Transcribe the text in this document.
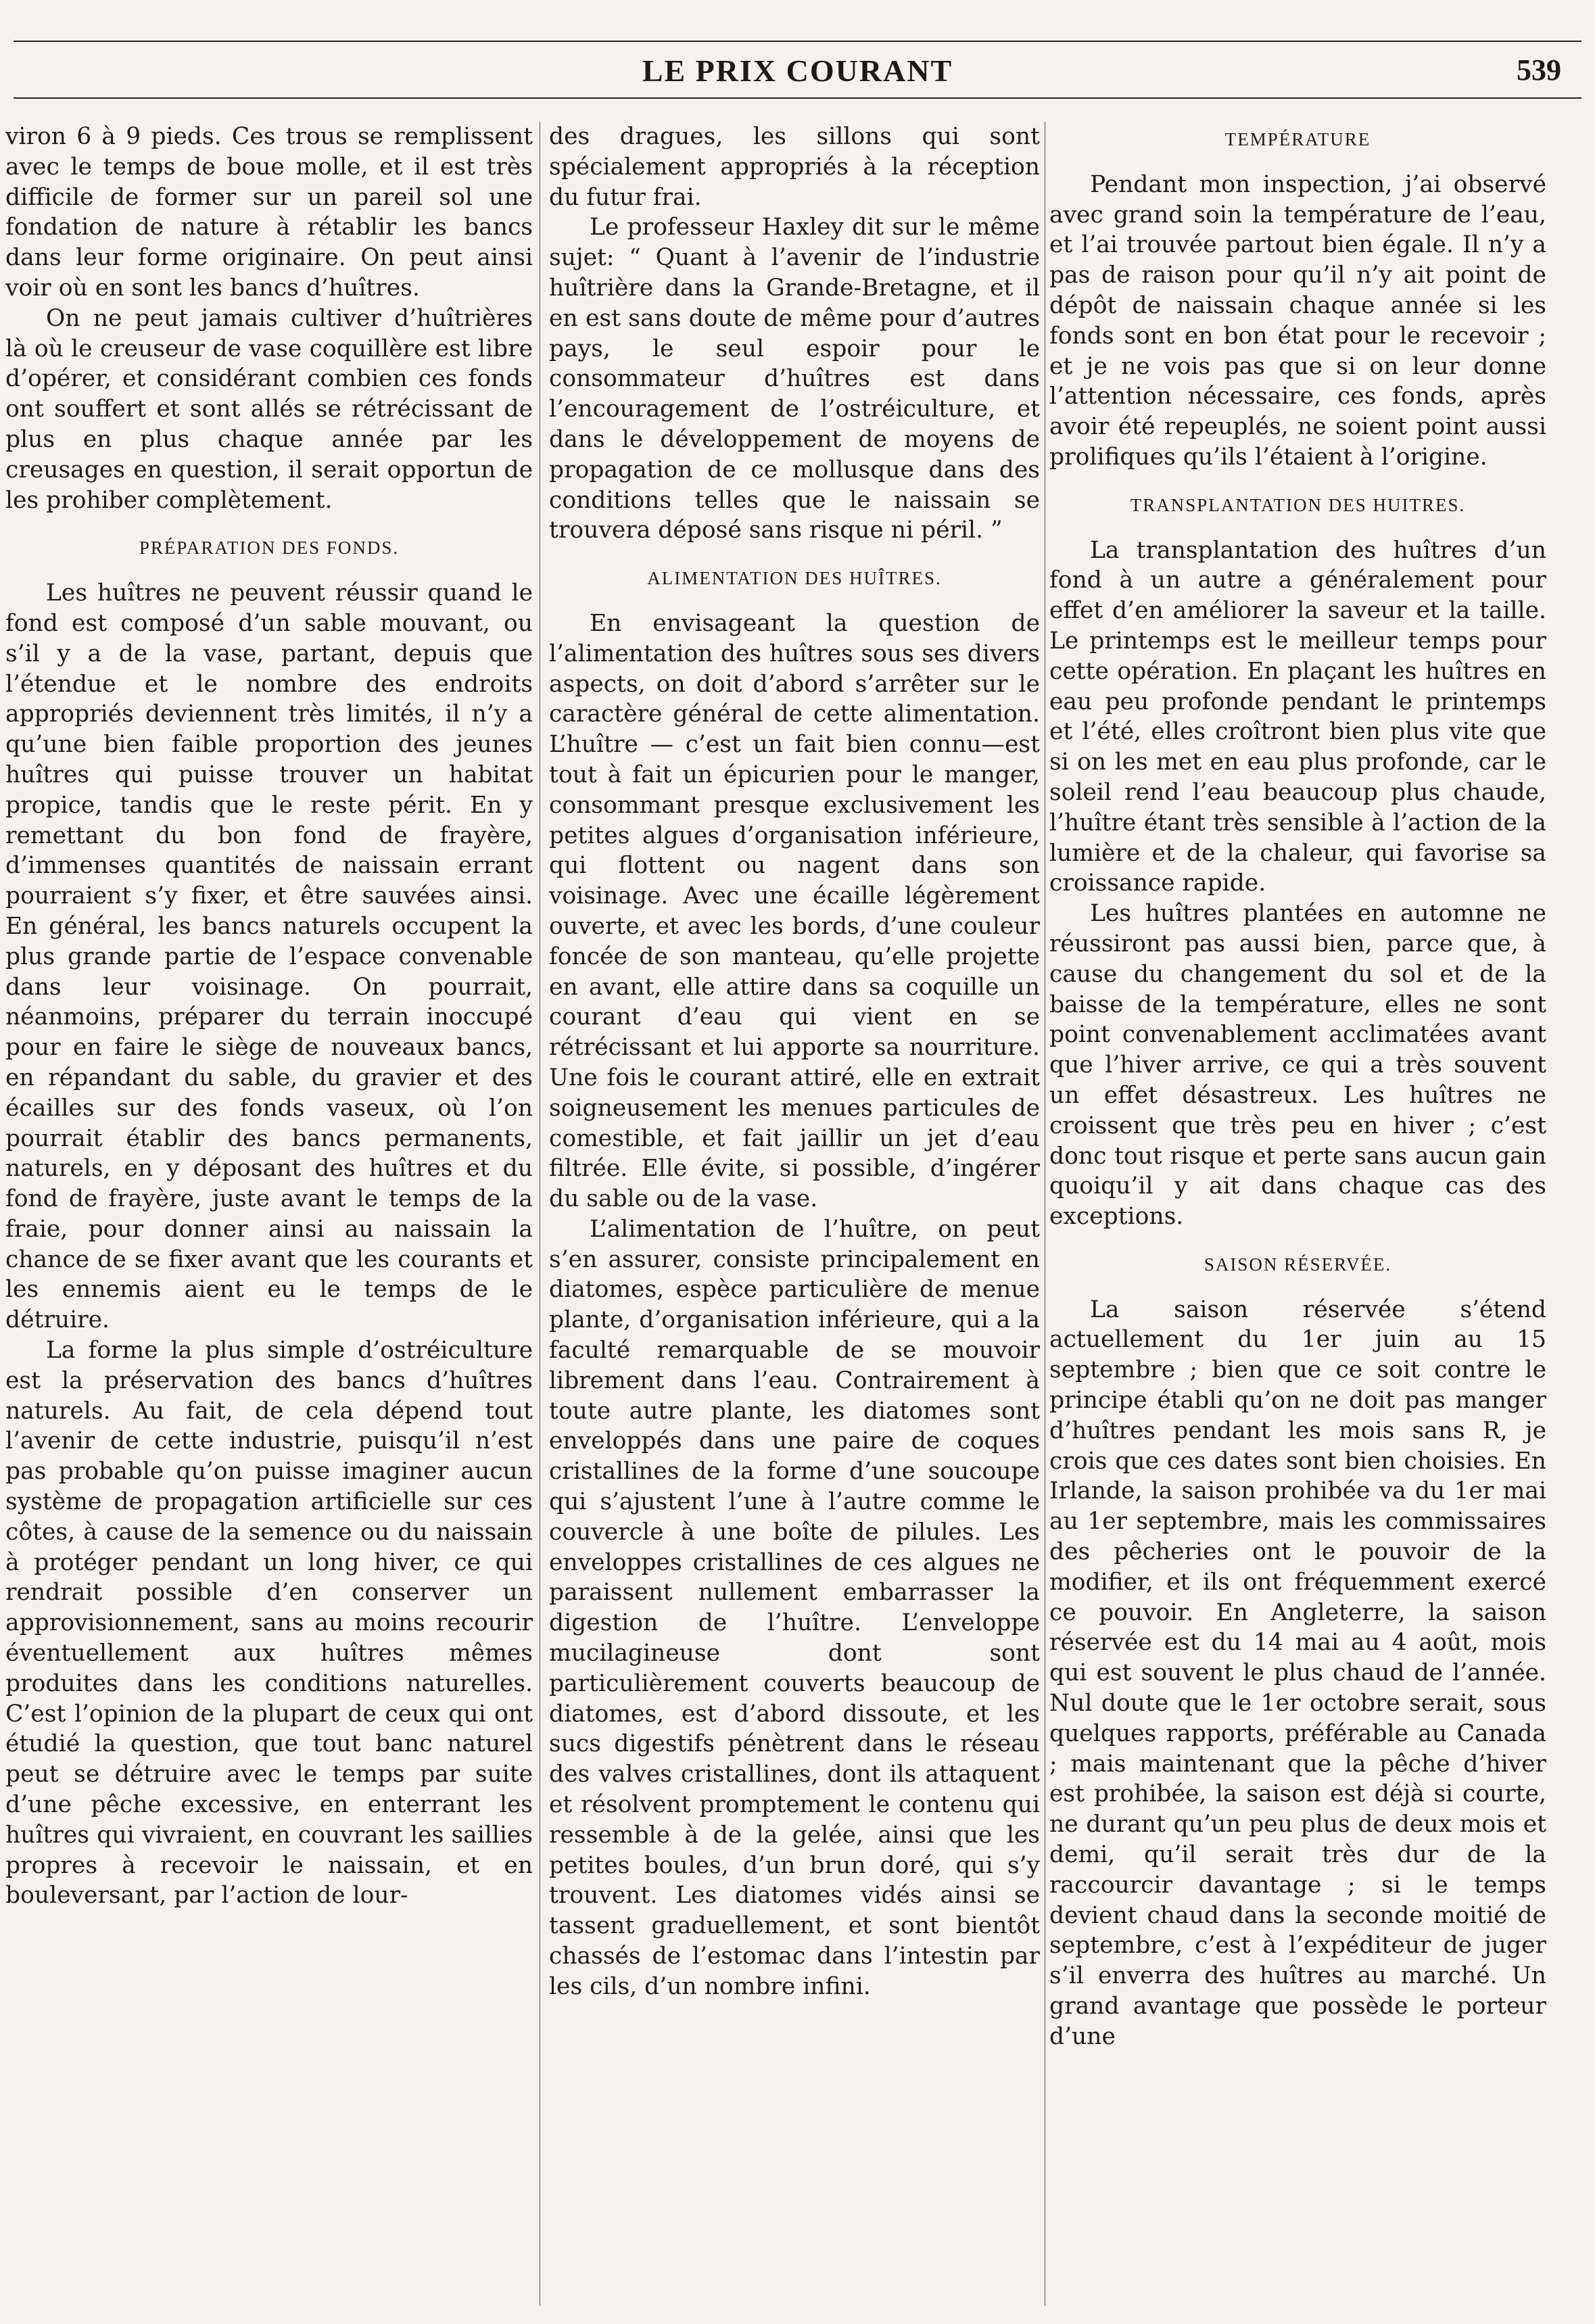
LE PRIX COURANT	539

viron 6 à 9 pieds. Ces trous se remplissent avec le temps de boue molle, et il est très difficile de former sur un pareil sol une fondation de nature à rétablir les bancs dans leur forme originaire. On peut ainsi voir où en sont les bancs d’huîtres.

On ne peut jamais cultiver d’huîtrières là où le creuseur de vase coquillère est libre d’opérer, et considérant combien ces fonds ont souffert et sont allés se rétrécissant de plus en plus chaque année par les creusages en question, il serait opportun de les prohiber complètement.

PRÉPARATION DES FONDS.

Les huîtres ne peuvent réussir quand le fond est composé d’un sable mouvant, ou s’il y a de la vase, partant, depuis que l’étendue et le nombre des endroits appropriés deviennent très limités, il n’y a qu’une bien faible proportion des jeunes huîtres qui puisse trouver un habitat propice, tandis que le reste périt. En y remettant du bon fond de frayère, d’immenses quantités de naissain errant pourraient s’y fixer, et être sauvées ainsi. En général, les bancs naturels occupent la plus grande partie de l’espace convenable dans leur voisinage. On pourrait, néanmoins, préparer du terrain inoccupé pour en faire le siège de nouveaux bancs, en répandant du sable, du gravier et des écailles sur des fonds vaseux, où l’on pourrait établir des bancs permanents, naturels, en y déposant des huîtres et du fond de frayère, juste avant le temps de la fraie, pour donner ainsi au naissain la chance de se fixer avant que les courants et les ennemis aient eu le temps de le détruire.

La forme la plus simple d’ostréiculture est la préservation des bancs d’huîtres naturels. Au fait, de cela dépend tout l’avenir de cette industrie, puisqu’il n’est pas probable qu’on puisse imaginer aucun système de propagation artificielle sur ces côtes, à cause de la semence ou du naissain à protéger pendant un long hiver, ce qui rendrait possible d’en conserver un approvisionnement, sans au moins recourir éventuellement aux huîtres mêmes produites dans les conditions naturelles. C’est l’opinion de la plupart de ceux qui ont étudié la question, que tout banc naturel peut se détruire avec le temps par suite d’une pêche excessive, en enterrant les huîtres qui vivraient, en couvrant les saillies propres à recevoir le naissain, et en bouleversant, par l’action de lour-

des dragues, les sillons qui sont spécialement appropriés à la réception du futur frai.

Le professeur Haxley dit sur le même sujet: “ Quant à l’avenir de l’industrie huîtrière dans la Grande-Bretagne, et il en est sans doute de même pour d’autres pays, le seul espoir pour le consommateur d’huîtres est dans l’encouragement de l’ostréiculture, et dans le développement de moyens de propagation de ce mollusque dans des conditions telles que le naissain se trouvera déposé sans risque ni péril. ”

ALIMENTATION DES HUÎTRES.

En envisageant la question de l’alimentation des huîtres sous ses divers aspects, on doit d’abord s’arrêter sur le caractère général de cette alimentation. L’huître — c’est un fait bien connu—est tout à fait un épicurien pour le manger, consommant presque exclusivement les petites algues d’organisation inférieure, qui flottent ou nagent dans son voisinage. Avec une écaille légèrement ouverte, et avec les bords, d’une couleur foncée de son manteau, qu’elle projette en avant, elle attire dans sa coquille un courant d’eau qui vient en se rétrécissant et lui apporte sa nourriture. Une fois le courant attiré, elle en extrait soigneusement les menues particules de comestible, et fait jaillir un jet d’eau filtrée. Elle évite, si possible, d’ingérer du sable ou de la vase.

L’alimentation de l’huître, on peut s’en assurer, consiste principalement en diatomes, espèce particulière de menue plante, d’organisation inférieure, qui a la faculté remarquable de se mouvoir librement dans l’eau. Contrairement à toute autre plante, les diatomes sont enveloppés dans une paire de coques cristallines de la forme d’une soucoupe qui s’ajustent l’une à l’autre comme le couvercle à une boîte de pilules. Les enveloppes cristallines de ces algues ne paraissent nullement embarrasser la digestion de l’huître. L’enveloppe mucilagineuse dont sont particulièrement couverts beaucoup de diatomes, est d’abord dissoute, et les sucs digestifs pénètrent dans le réseau des valves cristallines, dont ils attaquent et résolvent promptement le contenu qui ressemble à de la gelée, ainsi que les petites boules, d’un brun doré, qui s’y trouvent. Les diatomes vidés ainsi se tassent graduellement, et sont bientôt chassés de l’estomac dans l’intestin par les cils, d’un nombre infini.

TEMPÉRATURE

Pendant mon inspection, j’ai observé avec grand soin la température de l’eau, et l’ai trouvée partout bien égale. Il n’y a pas de raison pour qu’il n’y ait point de dépôt de naissain chaque année si les fonds sont en bon état pour le recevoir ; et je ne vois pas que si on leur donne l’attention nécessaire, ces fonds, après avoir été repeuplés, ne soient point aussi prolifiques qu’ils l’étaient à l’origine.

TRANSPLANTATION DES HUITRES.

La transplantation des huîtres d’un fond à un autre a généralement pour effet d’en améliorer la saveur et la taille. Le printemps est le meilleur temps pour cette opération. En plaçant les huîtres en eau peu profonde pendant le printemps et l’été, elles croîtront bien plus vite que si on les met en eau plus profonde, car le soleil rend l’eau beaucoup plus chaude, l’huître étant très sensible à l’action de la lumière et de la chaleur, qui favorise sa croissance rapide.

Les huîtres plantées en automne ne réussiront pas aussi bien, parce que, à cause du changement du sol et de la baisse de la température, elles ne sont point convenablement acclimatées avant que l’hiver arrive, ce qui a très souvent un effet désastreux. Les huîtres ne croissent que très peu en hiver ; c’est donc tout risque et perte sans aucun gain quoiqu’il y ait dans chaque cas des exceptions.

SAISON RÉSERVÉE.

La saison réservée s’étend actuellement du 1er juin au 15 septembre ; bien que ce soit contre le principe établi qu’on ne doit pas manger d’huîtres pendant les mois sans R, je crois que ces dates sont bien choisies. En Irlande, la saison prohibée va du 1er mai au 1er septembre, mais les commissaires des pêcheries ont le pouvoir de la modifier, et ils ont fréquemment exercé ce pouvoir. En Angleterre, la saison réservée est du 14 mai au 4 août, mois qui est souvent le plus chaud de l’année. Nul doute que le 1er octobre serait, sous quelques rapports, préférable au Canada ; mais maintenant que la pêche d’hiver est prohibée, la saison est déjà si courte, ne durant qu’un peu plus de deux mois et demi, qu’il serait très dur de la raccourcir davantage ; si le temps devient chaud dans la seconde moitié de septembre, c’est à l’expéditeur de juger s’il enverra des huîtres au marché. Un grand avantage que possède le porteur d’une
